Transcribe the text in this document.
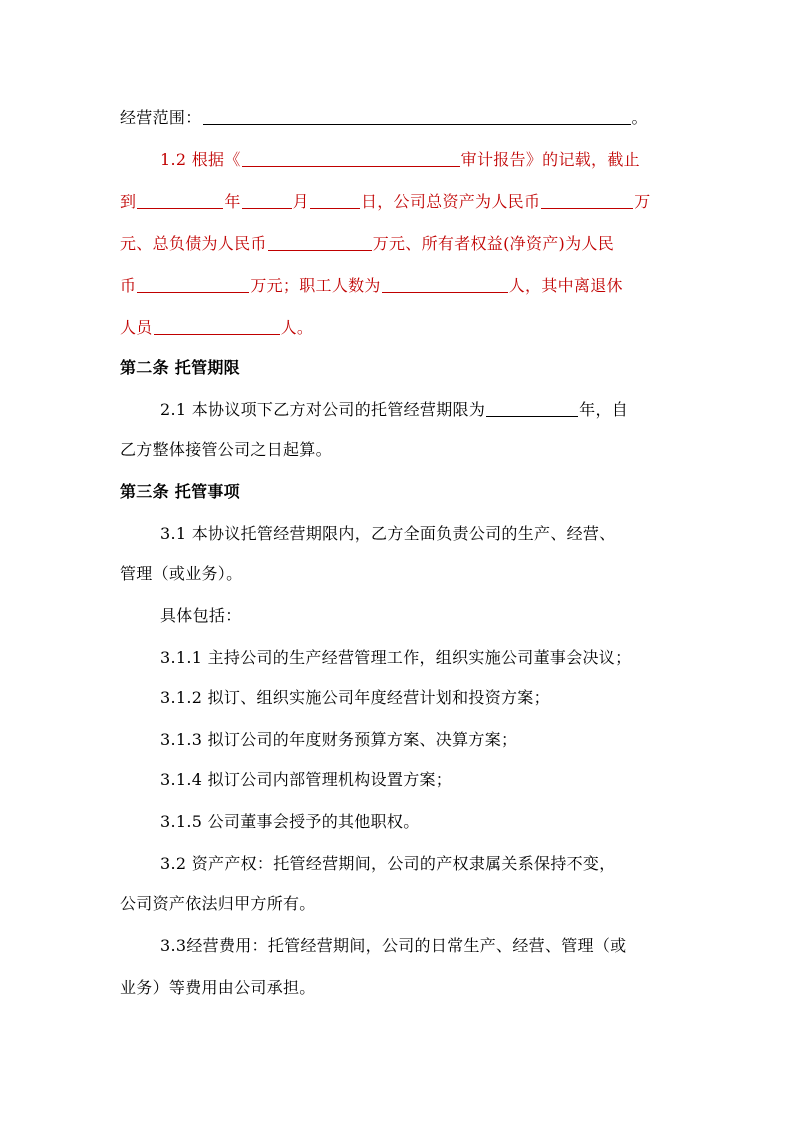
经营范围：	。
1.2 根据《	审计报告》的记载，截止
到	年	月	日，公司总资产为人民币	万
元、总负债为人民币	万元、所有者权益(净资产)为人民
币	万元；职工人数为	人，其中离退休
人员	人。
第二条 托管期限
2.1 本协议项下乙方对公司的托管经营期限为	年，自
乙方整体接管公司之日起算。
第三条 托管事项
3.1 本协议托管经营期限内，乙方全面负责公司的生产、经营、
管理（或业务）。
具体包括：
3.1.1 主持公司的生产经营管理工作，组织实施公司董事会决议；
3.1.2 拟订、组织实施公司年度经营计划和投资方案；
3.1.3 拟订公司的年度财务预算方案、决算方案；
3.1.4 拟订公司内部管理机构设置方案；
3.1.5 公司董事会授予的其他职权。
3.2 资产产权：托管经营期间，公司的产权隶属关系保持不变，
公司资产依法归甲方所有。
3.3经营费用：托管经营期间，公司的日常生产、经营、管理（或
业务）等费用由公司承担。
